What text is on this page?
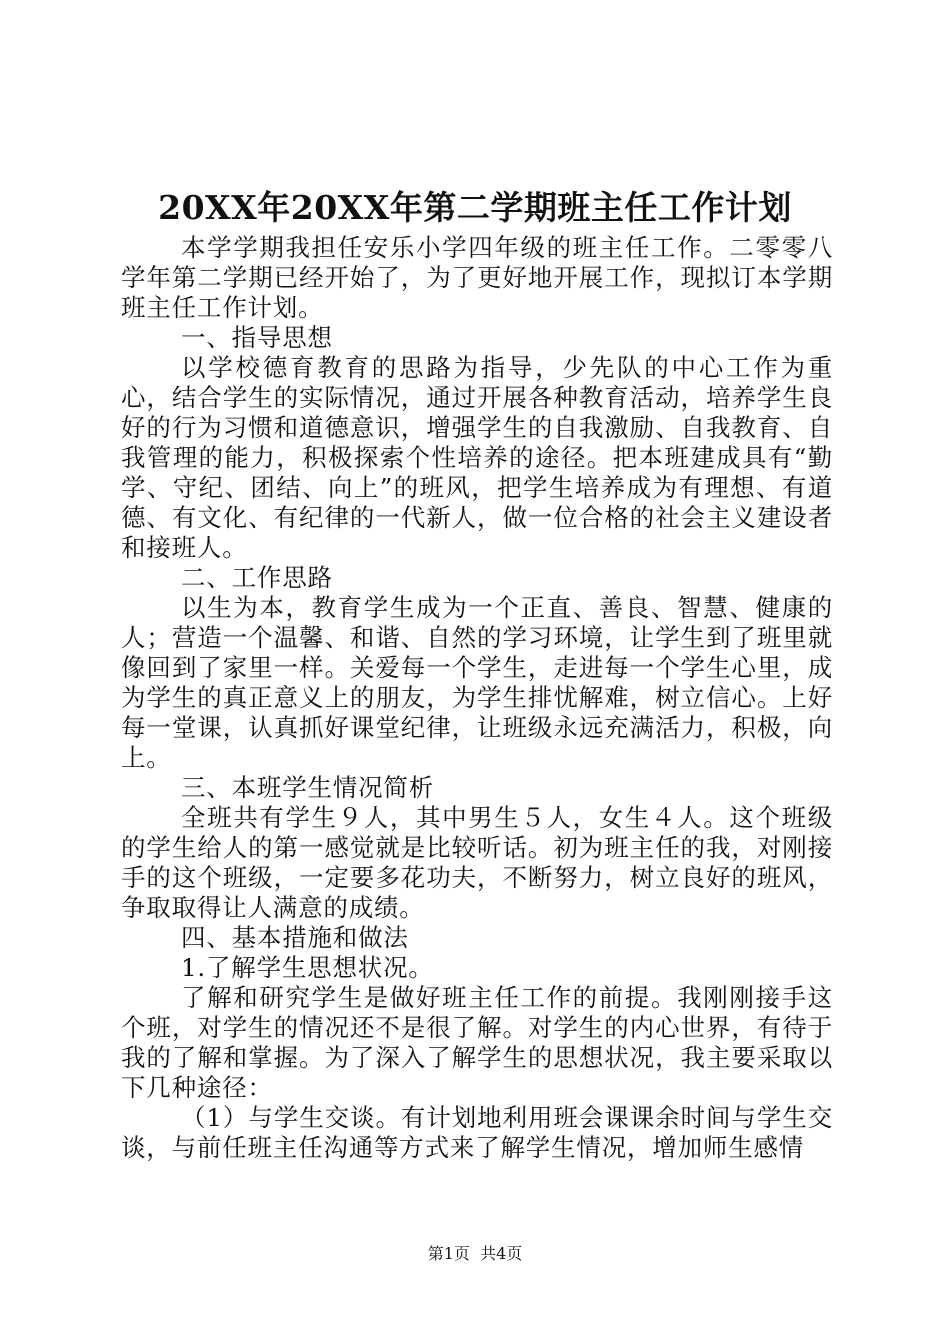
20XX年20XX年第二学期班主任工作计划

本学学期我担任安乐小学四年级的班主任工作。二零零八学年第二学期已经开始了，为了更好地开展工作，现拟订本学期班主任工作计划。

一、指导思想

以学校德育教育的思路为指导，少先队的中心工作为重心，结合学生的实际情况，通过开展各种教育活动，培养学生良好的行为习惯和道德意识，增强学生的自我激励、自我教育、自我管理的能力，积极探索个性培养的途径。把本班建成具有“勤学、守纪、团结、向上”的班风，把学生培养成为有理想、有道德、有文化、有纪律的一代新人，做一位合格的社会主义建设者和接班人。

二、工作思路

以生为本，教育学生成为一个正直、善良、智慧、健康的人；营造一个温馨、和谐、自然的学习环境，让学生到了班里就像回到了家里一样。关爱每一个学生，走进每一个学生心里，成为学生的真正意义上的朋友，为学生排忧解难，树立信心。上好每一堂课，认真抓好课堂纪律，让班级永远充满活力，积极，向上。

三、本班学生情况简析

全班共有学生９人，其中男生５人，女生４人。这个班级的学生给人的第一感觉就是比较听话。初为班主任的我，对刚接手的这个班级，一定要多花功夫，不断努力，树立良好的班风，争取取得让人满意的成绩。

四、基本措施和做法

1.了解学生思想状况。

了解和研究学生是做好班主任工作的前提。我刚刚接手这个班，对学生的情况还不是很了解。对学生的内心世界，有待于我的了解和掌握。为了深入了解学生的思想状况，我主要采取以下几种途径：

（1）与学生交谈。有计划地利用班会课课余时间与学生交谈，与前任班主任沟通等方式来了解学生情况，增加师生感情

第1页 共4页
